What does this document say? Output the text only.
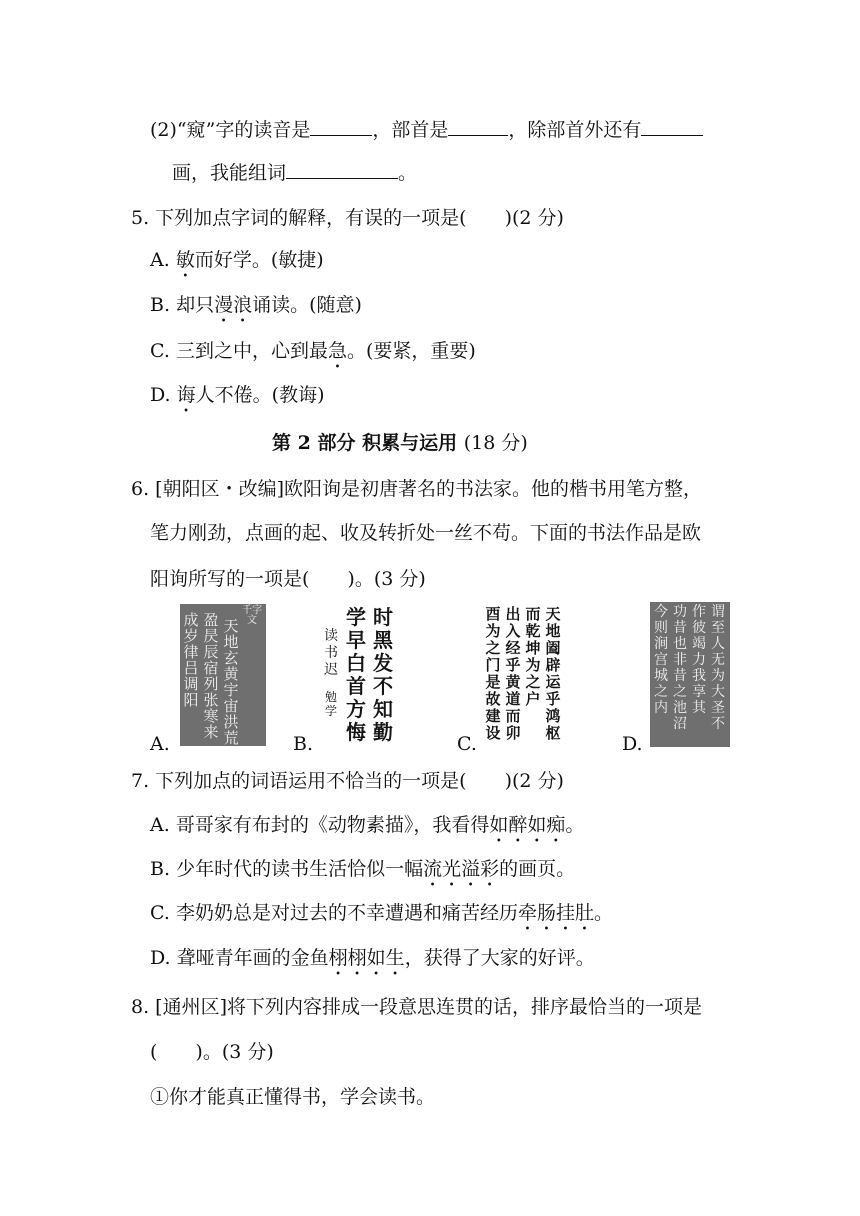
(2)“窥”字的读音是	，部首是	，除部首外还有
画，我能组词	。
5. 下列加点字词的解释，有误的一项是(　　)(2 分)
A. 敏而好学。(敏捷)
B. 却只漫浪诵读。(随意)
C. 三到之中，心到最急。(要紧，重要)
D. 诲人不倦。(教诲)
第 2 部分 积累与运用 (18 分)
6. [朝阳区・改编]欧阳询是初唐著名的书法家。他的楷书用笔方整，
笔力刚劲，点画的起、收及转折处一丝不苟。下面的书法作品是欧
阳询所写的一项是(　　)。(3 分)
千字文
天地玄黄宇宙洪荒
盈昃辰宿列张寒来
成岁律吕调阳
A.
时黑发不知勤
学早白首方悔
读书迟
勉学
B.
天地阖辟运乎鸿枢
而乾坤为之户
出入经乎黄道而卯
酉为之门是故建设
C.
谓至人无为大圣不
作彼竭力我享其
功昔也非昔之池沼
今则涧宫城之内
D.
7. 下列加点的词语运用不恰当的一项是(　　)(2 分)
A. 哥哥家有布封的《动物素描》，我看得如醉如痴。
B. 少年时代的读书生活恰似一幅流光溢彩的画页。
C. 李奶奶总是对过去的不幸遭遇和痛苦经历牵肠挂肚。
D. 聋哑青年画的金鱼栩栩如生，获得了大家的好评。
8. [通州区]将下列内容排成一段意思连贯的话，排序最恰当的一项是
(　　)。(3 分)
①你才能真正懂得书，学会读书。
